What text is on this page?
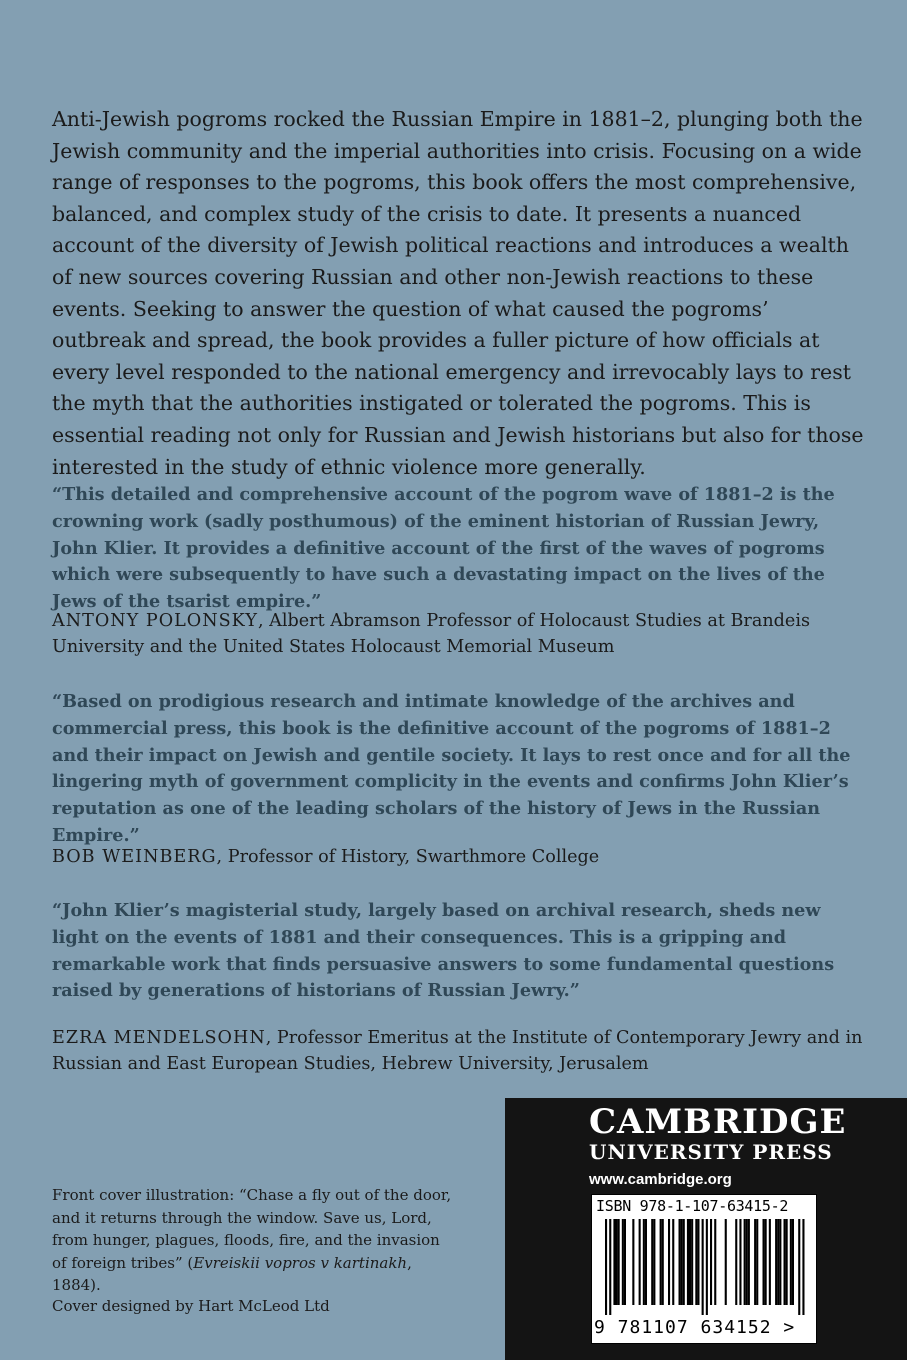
Anti-Jewish pogroms rocked the Russian Empire in 1881–2, plunging both the Jewish community and the imperial authorities into crisis. Focusing on a wide range of responses to the pogroms, this book offers the most comprehensive, balanced, and complex study of the crisis to date. It presents a nuanced account of the diversity of Jewish political reactions and introduces a wealth of new sources covering Russian and other non-Jewish reactions to these events. Seeking to answer the question of what caused the pogroms’ outbreak and spread, the book provides a fuller picture of how officials at every level responded to the national emergency and irrevocably lays to rest the myth that the authorities instigated or tolerated the pogroms. This is essential reading not only for Russian and Jewish historians but also for those interested in the study of ethnic violence more generally.

“This detailed and comprehensive account of the pogrom wave of 1881–2 is the crowning work (sadly posthumous) of the eminent historian of Russian Jewry, John Klier. It provides a definitive account of the first of the waves of pogroms which were subsequently to have such a devastating impact on the lives of the Jews of the tsarist empire.”

ANTONY POLONSKY, Albert Abramson Professor of Holocaust Studies at Brandeis University and the United States Holocaust Memorial Museum

“Based on prodigious research and intimate knowledge of the archives and commercial press, this book is the definitive account of the pogroms of 1881–2 and their impact on Jewish and gentile society. It lays to rest once and for all the lingering myth of government complicity in the events and confirms John Klier’s reputation as one of the leading scholars of the history of Jews in the Russian Empire.”

BOB WEINBERG, Professor of History, Swarthmore College

“John Klier’s magisterial study, largely based on archival research, sheds new light on the events of 1881 and their consequences. This is a gripping and remarkable work that finds persuasive answers to some fundamental questions raised by generations of historians of Russian Jewry.”

EZRA MENDELSOHN, Professor Emeritus at the Institute of Contemporary Jewry and in Russian and East European Studies, Hebrew University, Jerusalem

Front cover illustration: “Chase a fly out of the door, and it returns through the window. Save us, Lord, from hunger, plagues, floods, fire, and the invasion of foreign tribes” (Evreiskii vopros v kartinakh, 1884).

Cover designed by Hart McLeod Ltd

CAMBRIDGE

UNIVERSITY PRESS

www.cambridge.org

ISBN 978-1-107-63415-2

9 781107 634152 >
